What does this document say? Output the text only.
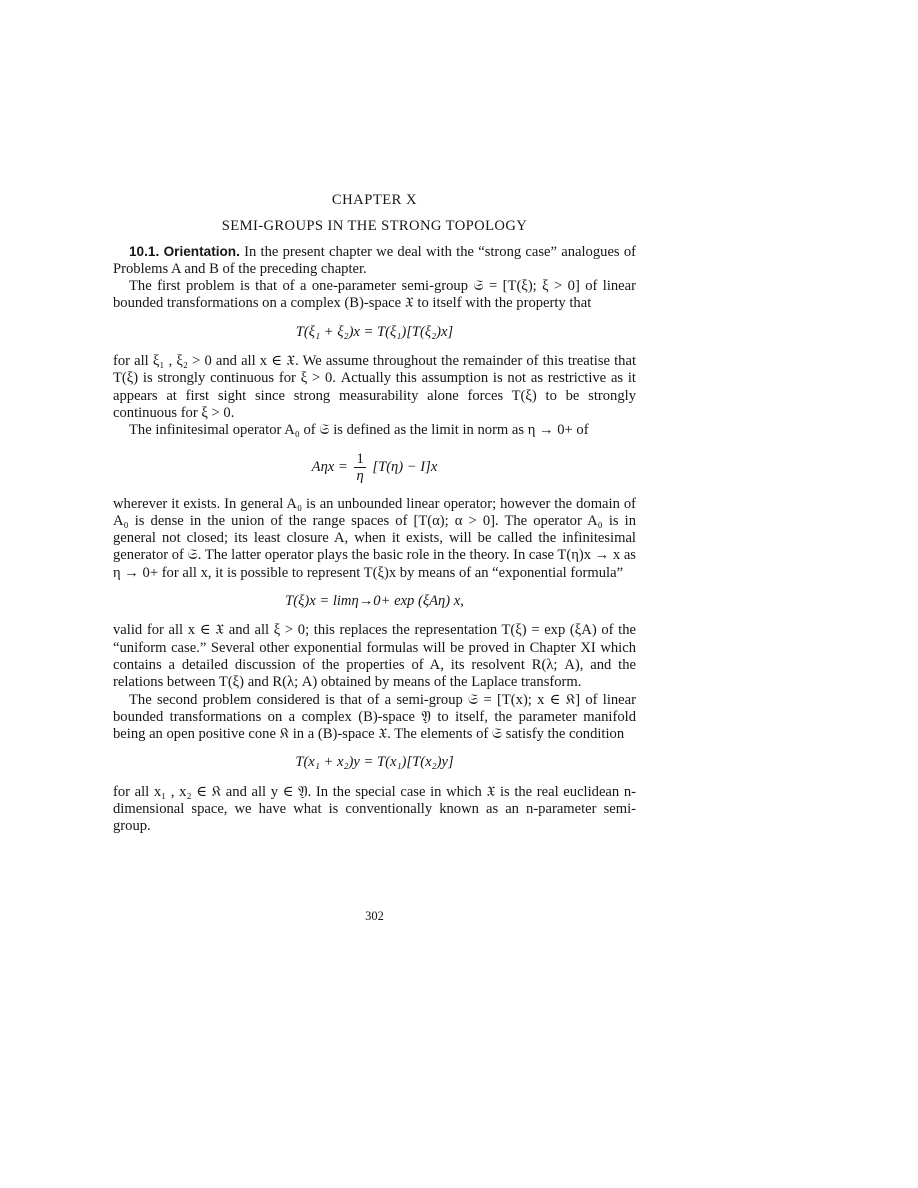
CHAPTER X
SEMI-GROUPS IN THE STRONG TOPOLOGY

10.1. Orientation. In the present chapter we deal with the “strong case” analogues of Problems A and B of the preceding chapter.

The first problem is that of a one-parameter semi-group 𝔖 = [T(ξ); ξ > 0] of linear bounded transformations on a complex (B)-space 𝔛 to itself with the property that

T(ξ₁ + ξ₂)x = T(ξ₁)[T(ξ₂)x]

for all ξ₁ , ξ₂ > 0 and all x ∈ 𝔛. We assume throughout the remainder of this treatise that T(ξ) is strongly continuous for ξ > 0. Actually this assumption is not as restrictive as it appears at first sight since strong measurability alone forces T(ξ) to be strongly continuous for ξ > 0.

The infinitesimal operator A₀ of 𝔖 is defined as the limit in norm as η → 0+ of

$A\eta x = \frac{1}{\eta} [T(\eta) - I]x$

wherever it exists. In general A₀ is an unbounded linear operator; however the domain of A₀ is dense in the union of the range spaces of [T(α); α > 0]. The operator A₀ is in general not closed; its least closure A, when it exists, will be called the infinitesimal generator of 𝔖. The latter operator plays the basic role in the theory. In case T(η)x → x as η → 0+ for all x, it is possible to represent T(ξ)x by means of an “exponential formula”

T(ξ)x = limη→0+ exp (ξAη) x,

valid for all x ∈ 𝔛 and all ξ > 0; this replaces the representation T(ξ) = exp (ξA) of the “uniform case.” Several other exponential formulas will be proved in Chapter XI which contains a detailed discussion of the properties of A, its resolvent R(λ; A), and the relations between T(ξ) and R(λ; A) obtained by means of the Laplace transform.

The second problem considered is that of a semi-group 𝔖 = [T(x); x ∈ 𝔎] of linear bounded transformations on a complex (B)-space 𝔜 to itself, the parameter manifold being an open positive cone 𝔎 in a (B)-space 𝔛. The elements of 𝔖 satisfy the condition

T(x₁ + x₂)y = T(x₁)[T(x₂)y]

for all x₁ , x₂ ∈ 𝔎 and all y ∈ 𝔜. In the special case in which 𝔛 is the real euclidean n-dimensional space, we have what is conventionally known as an n-parameter semi-group.

302
